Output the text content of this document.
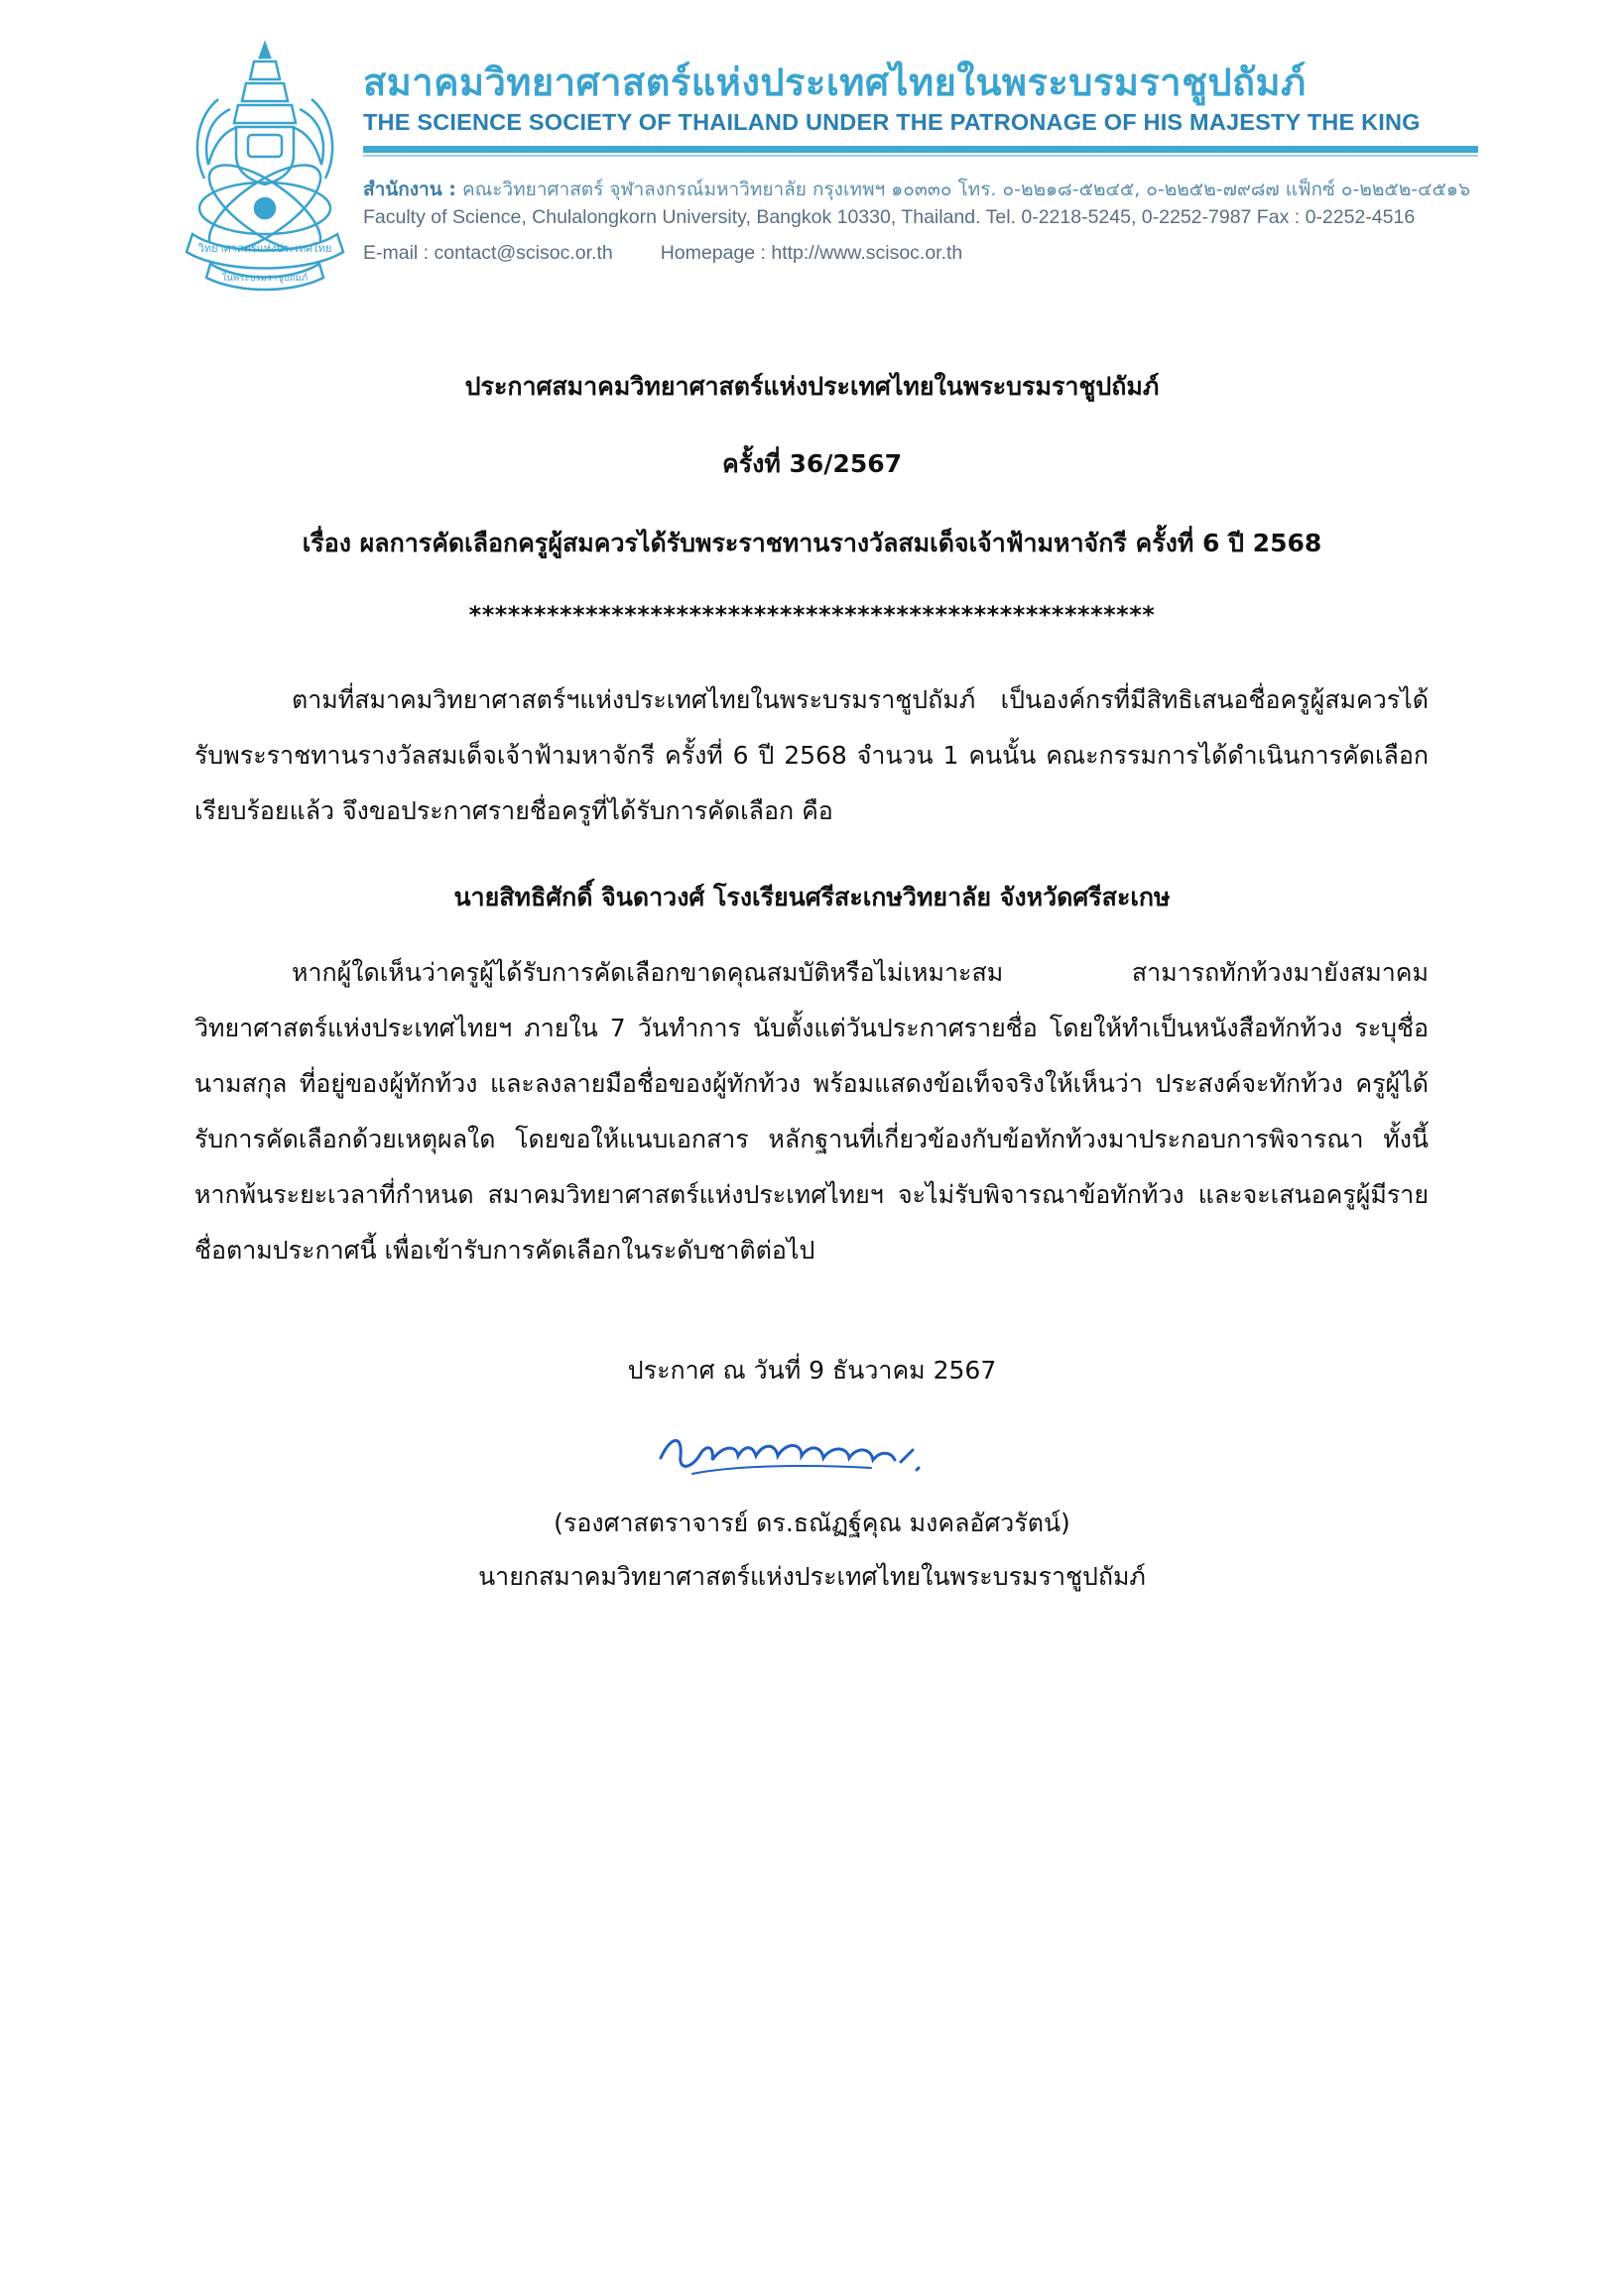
วิทยาศาสตร์แห่งประเทศไทย
ในพระบรมราชูปถัมภ์
สมาคมวิทยาศาสตร์แห่งประเทศไทยในพระบรมราชูปถัมภ์
THE SCIENCE SOCIETY OF THAILAND UNDER THE PATRONAGE OF HIS MAJESTY THE KING
สำนักงาน : คณะวิทยาศาสตร์ จุฬาลงกรณ์มหาวิทยาลัย กรุงเทพฯ ๑๐๓๓๐ โทร. ๐-๒๒๑๘-๕๒๔๕, ๐-๒๒๕๒-๗๙๘๗ แฟ็กซ์ ๐-๒๒๕๒-๔๕๑๖
Faculty of Science, Chulalongkorn University, Bangkok 10330, Thailand. Tel. 0-2218-5245, 0-2252-7987 Fax : 0-2252-4516
E-mail : contact@scisoc.or.th Homepage : http://www.scisoc.or.th
ประกาศสมาคมวิทยาศาสตร์แห่งประเทศไทยในพระบรมราชูปถัมภ์
ครั้งที่ 36/2567
เรื่อง ผลการคัดเลือกครูผู้สมควรได้รับพระราชทานรางวัลสมเด็จเจ้าฟ้ามหาจักรี ครั้งที่ 6 ปี 2568
*****************************************************
ตามที่สมาคมวิทยาศาสตร์ฯแห่งประเทศไทยในพระบรมราชูปถัมภ์ เป็นองค์กรที่มีสิทธิเสนอชื่อครูผู้สมควรได้รับพระราชทานรางวัลสมเด็จเจ้าฟ้ามหาจักรี ครั้งที่ 6 ปี 2568 จำนวน 1 คนนั้น คณะกรรมการได้ดำเนินการคัดเลือกเรียบร้อยแล้ว จึงขอประกาศรายชื่อครูที่ได้รับการคัดเลือก คือ
นายสิทธิศักดิ์ จินดาวงศ์ โรงเรียนศรีสะเกษวิทยาลัย จังหวัดศรีสะเกษ
หากผู้ใดเห็นว่าครูผู้ได้รับการคัดเลือกขาดคุณสมบัติหรือไม่เหมาะสม สามารถทักท้วงมายังสมาคมวิทยาศาสตร์แห่งประเทศไทยฯ ภายใน 7 วันทำการ นับตั้งแต่วันประกาศรายชื่อ โดยให้ทำเป็นหนังสือทักท้วง ระบุชื่อนามสกุล ที่อยู่ของผู้ทักท้วง และลงลายมือชื่อของผู้ทักท้วง พร้อมแสดงข้อเท็จจริงให้เห็นว่า ประสงค์จะทักท้วง ครูผู้ได้รับการคัดเลือกด้วยเหตุผลใด โดยขอให้แนบเอกสาร หลักฐานที่เกี่ยวข้องกับข้อทักท้วงมาประกอบการพิจารณา ทั้งนี้หากพ้นระยะเวลาที่กำหนด สมาคมวิทยาศาสตร์แห่งประเทศไทยฯ จะไม่รับพิจารณาข้อทักท้วง และจะเสนอครูผู้มีรายชื่อตามประกาศนี้ เพื่อเข้ารับการคัดเลือกในระดับชาติต่อไป
ประกาศ ณ วันที่ 9 ธันวาคม 2567
(รองศาสตราจารย์ ดร.ธณัฏฐ์คุณ มงคลอัศวรัตน์)
นายกสมาคมวิทยาศาสตร์แห่งประเทศไทยในพระบรมราชูปถัมภ์
